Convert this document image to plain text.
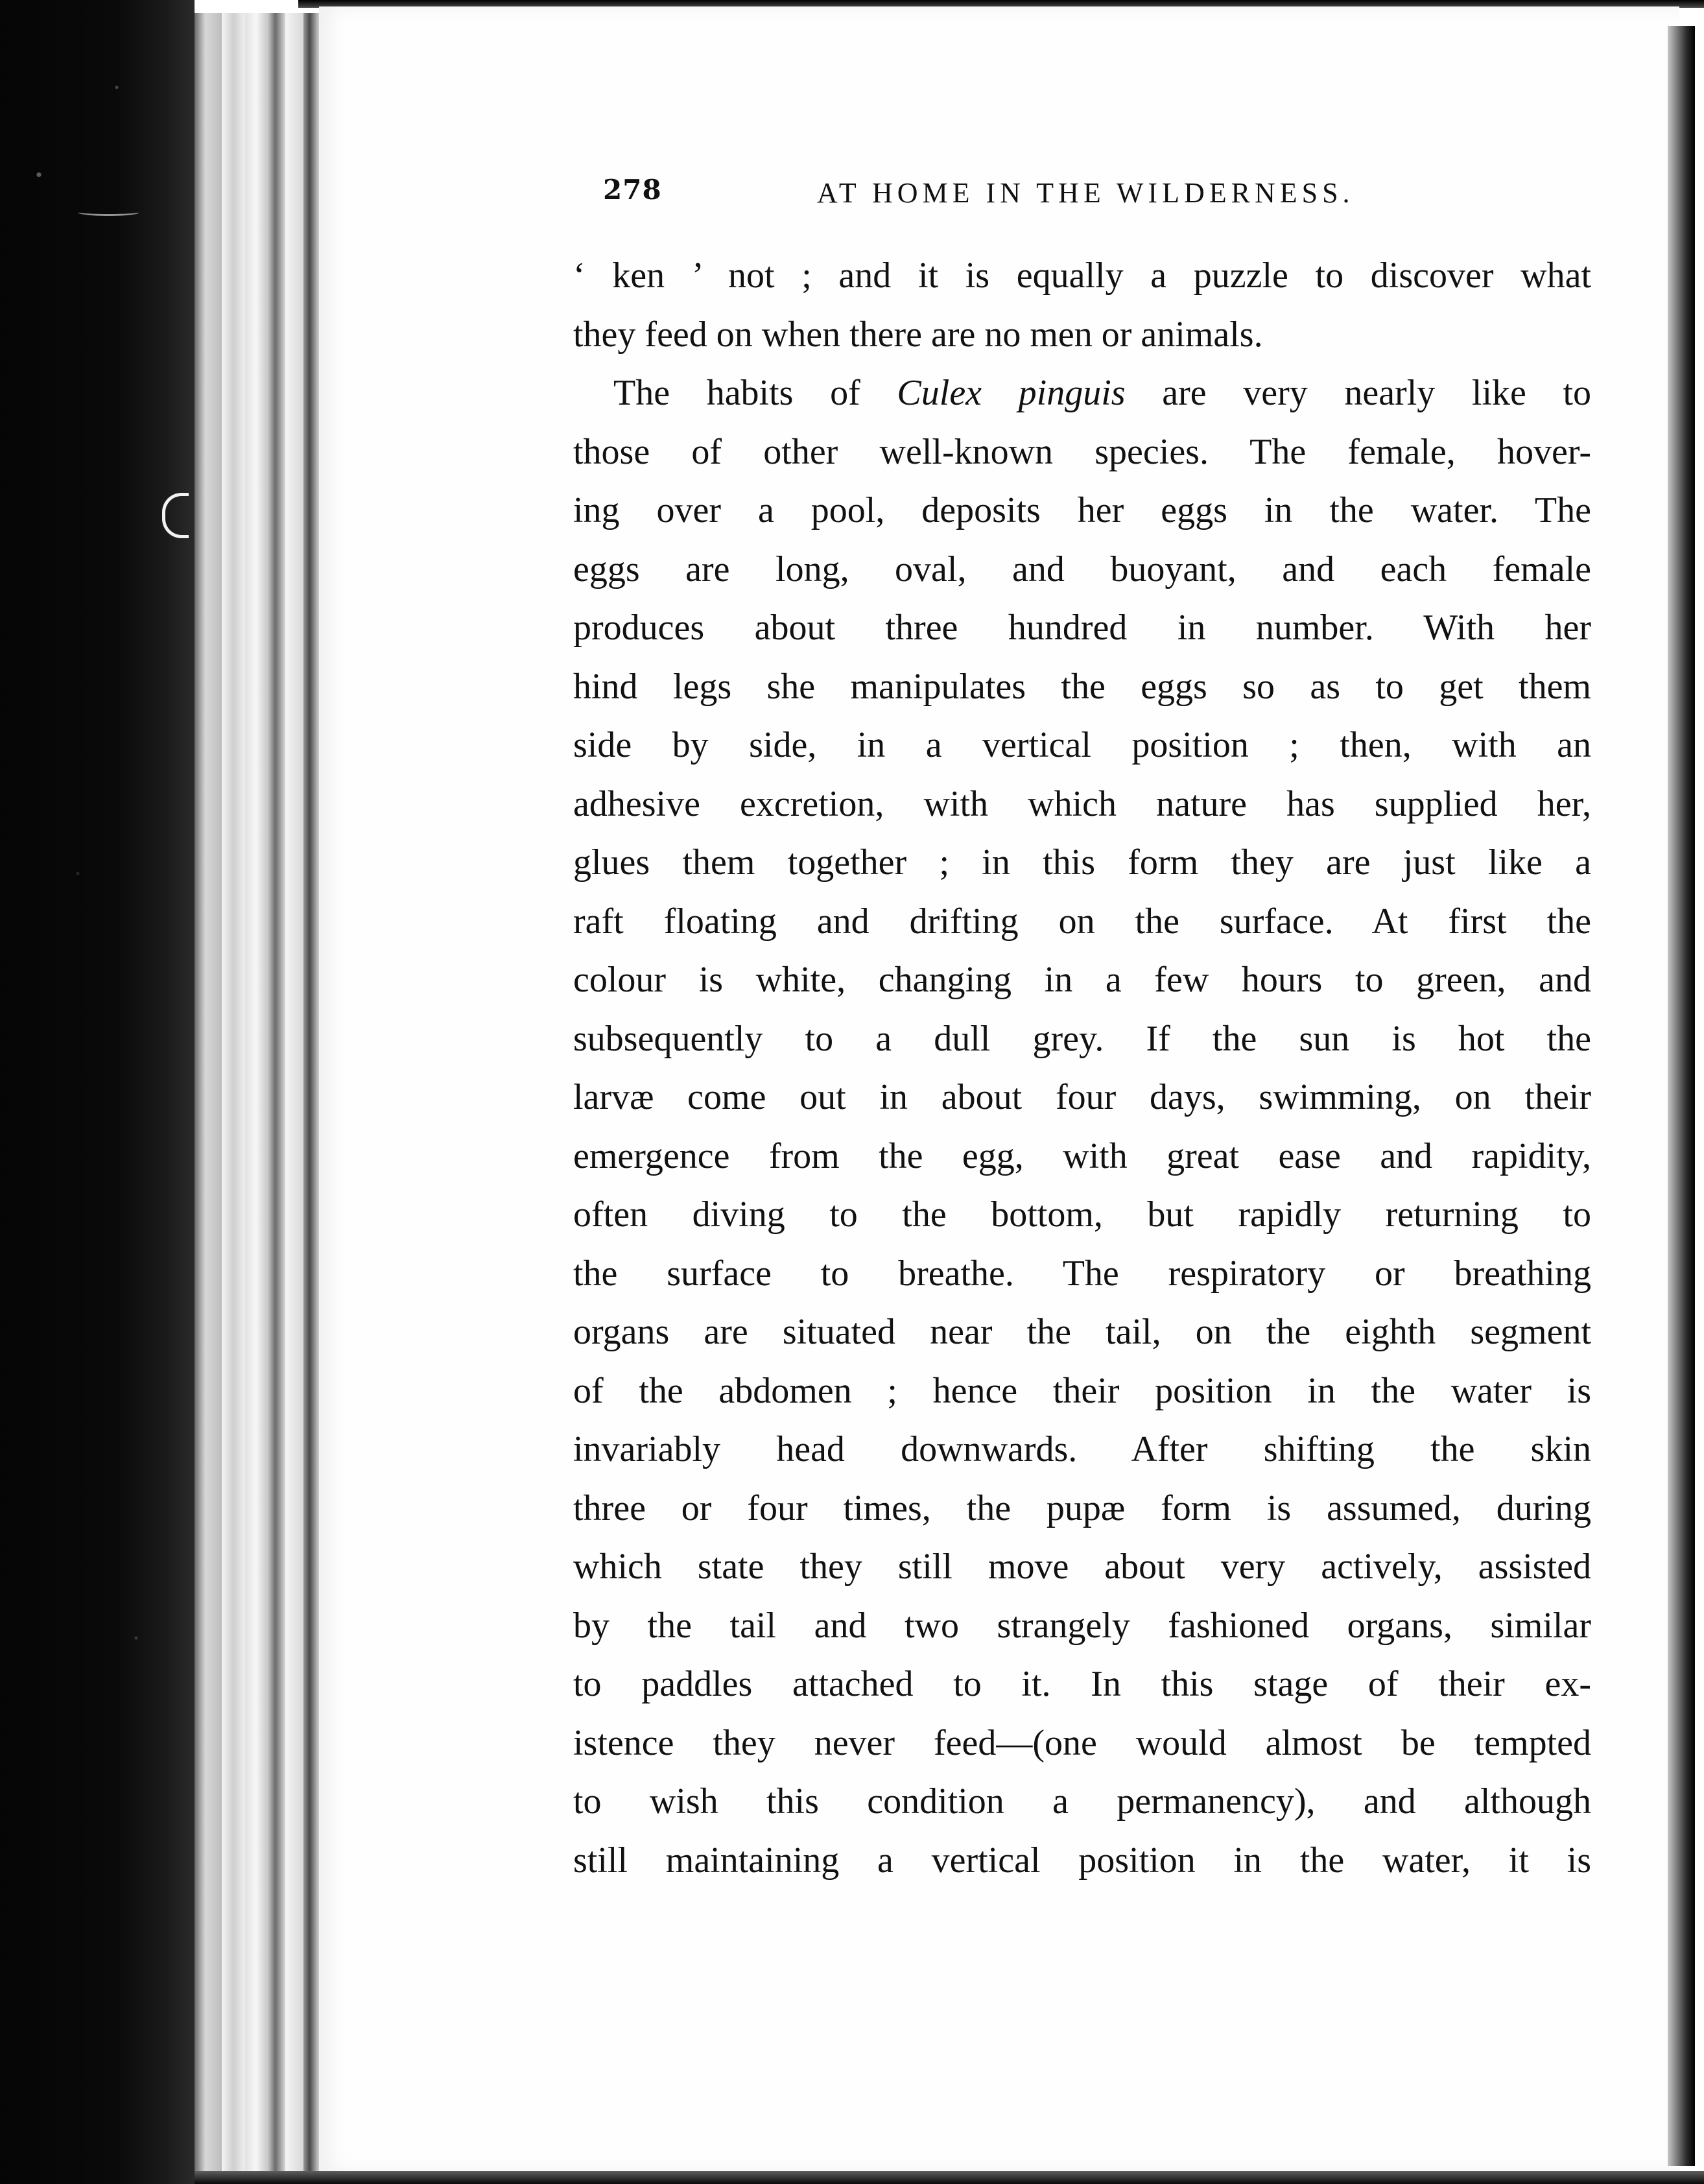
278	AT HOME IN THE WILDERNESS.
‘ ken ’ not ; and it is equally a puzzle to discover what
they feed on when there are no men or animals.
The habits of Culex pinguis are very nearly like to
those of other well-known species. The female, hover-
ing over a pool, deposits her eggs in the water. The
eggs are long, oval, and buoyant, and each female
produces about three hundred in number. With her
hind legs she manipulates the eggs so as to get them
side by side, in a vertical position ; then, with an
adhesive excretion, with which nature has supplied her,
glues them together ; in this form they are just like a
raft floating and drifting on the surface. At first the
colour is white, changing in a few hours to green, and
subsequently to a dull grey. If the sun is hot the
larvæ come out in about four days, swimming, on their
emergence from the egg, with great ease and rapidity,
often diving to the bottom, but rapidly returning to
the surface to breathe. The respiratory or breathing
organs are situated near the tail, on the eighth segment
of the abdomen ; hence their position in the water is
invariably head downwards. After shifting the skin
three or four times, the pupæ form is assumed, during
which state they still move about very actively, assisted
by the tail and two strangely fashioned organs, similar
to paddles attached to it. In this stage of their ex-
istence they never feed—(one would almost be tempted
to wish this condition a permanency), and although
still maintaining a vertical position in the water, it is
